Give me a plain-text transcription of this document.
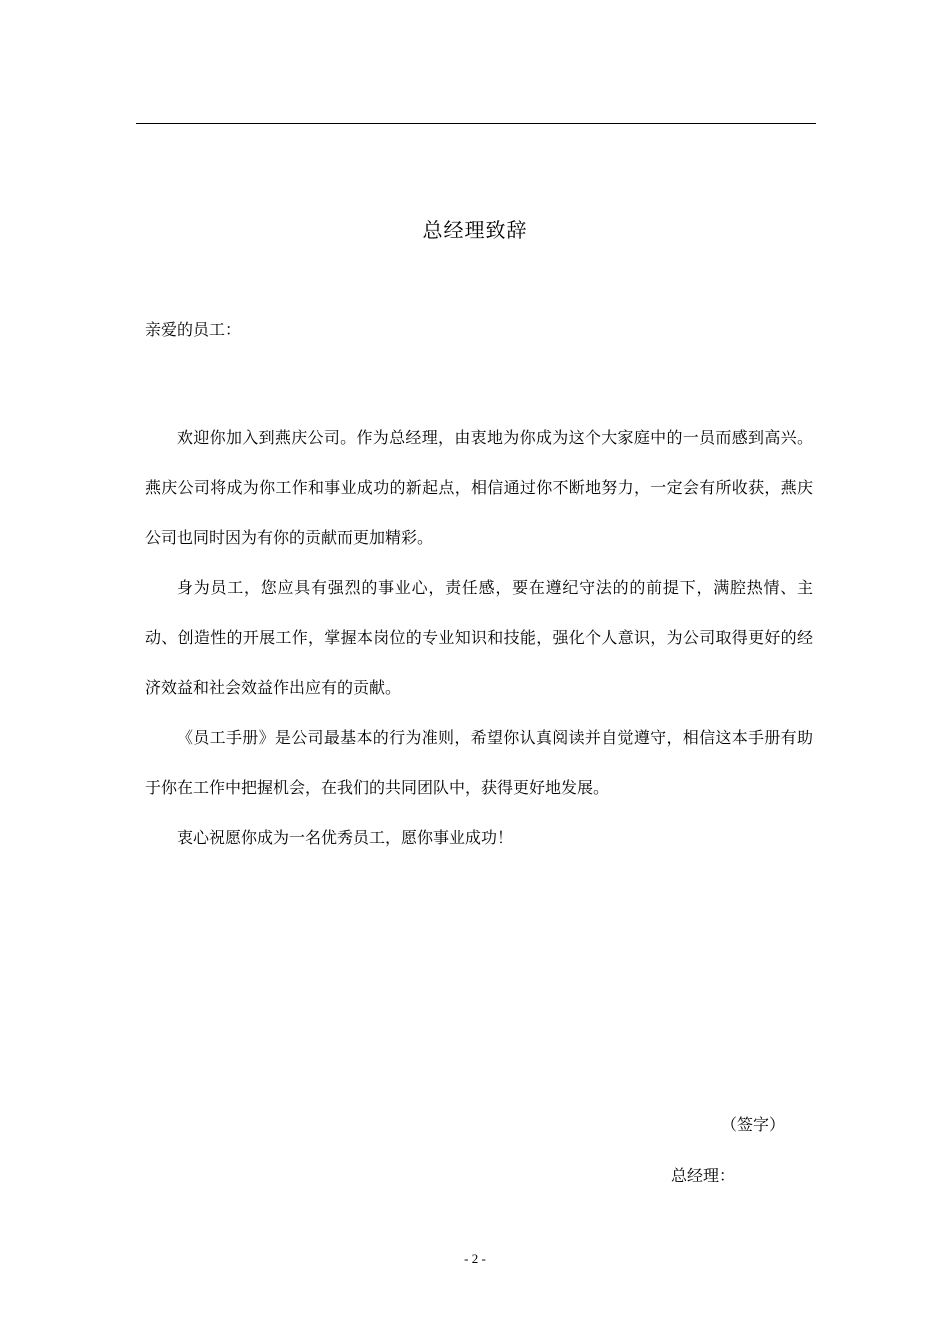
总经理致辞
亲爱的员工：

欢迎你加入到燕庆公司。作为总经理，由衷地为你成为这个大家庭中的一员而感到高兴。燕庆公司将成为你工作和事业成功的新起点，相信通过你不断地努力，一定会有所收获，燕庆公司也同时因为有你的贡献而更加精彩。

身为员工，您应具有强烈的事业心，责任感，要在遵纪守法的的前提下，满腔热情、主动、创造性的开展工作，掌握本岗位的专业知识和技能，强化个人意识，为公司取得更好的经济效益和社会效益作出应有的贡献。

《员工手册》是公司最基本的行为准则，希望你认真阅读并自觉遵守，相信这本手册有助于你在工作中把握机会，在我们的共同团队中，获得更好地发展。

衷心祝愿你成为一名优秀员工，愿你事业成功！

（签字）
总经理：
- 2 -
